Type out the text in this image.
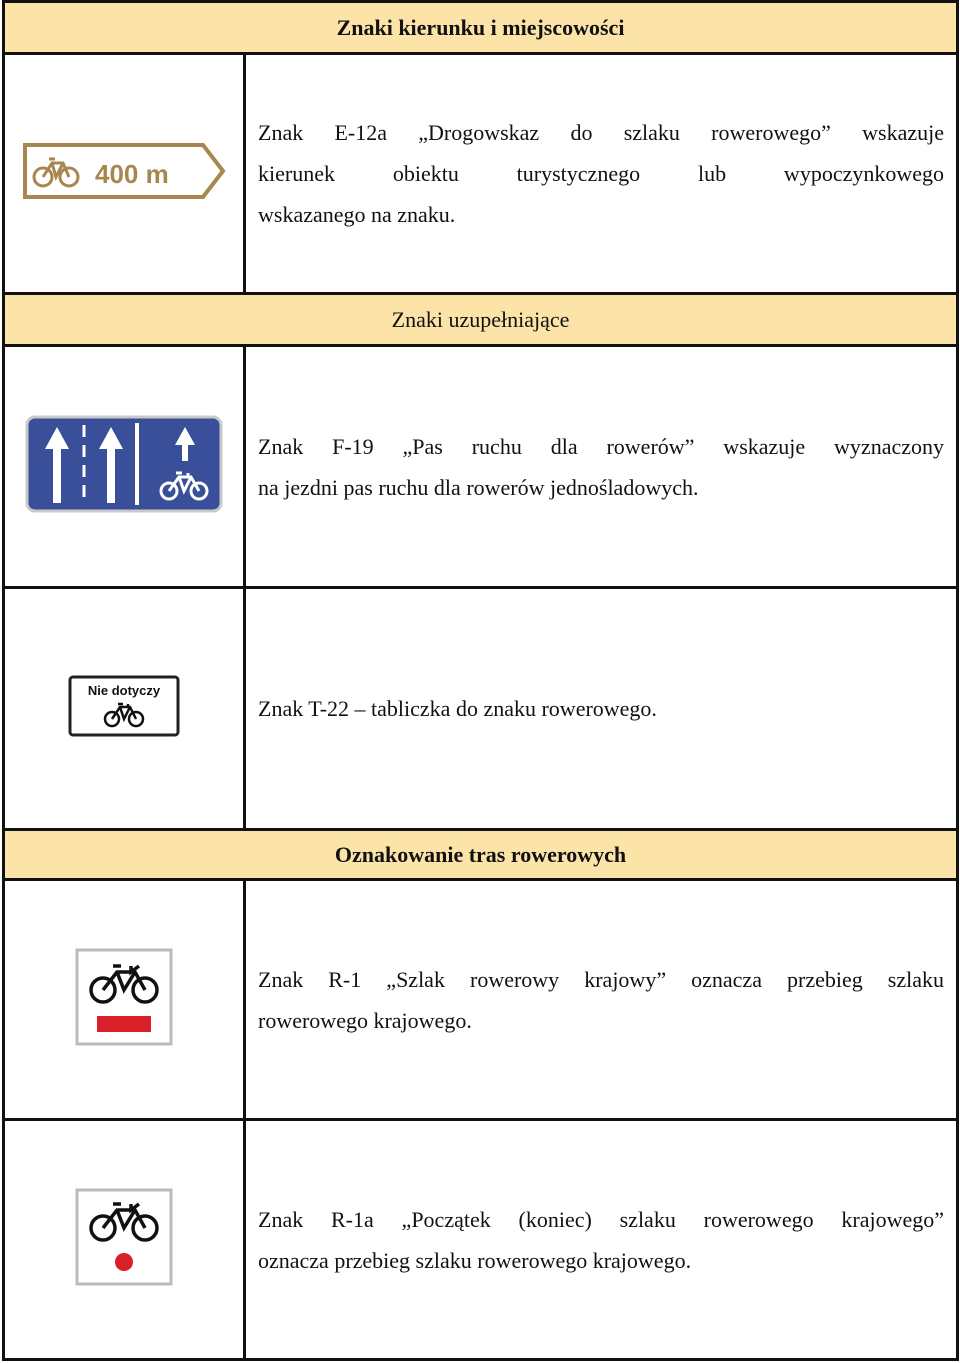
Znaki kierunku i miejscowości	

400 m	Znak E-12a „Drogowskaz do szlaku rowerowego” wskazuje
kierunek obiektu turystycznego lub wypoczynkowego
wskazanego na znaku.

Znaki uzupełniające	

Znak F-19 „Pas ruchu dla rowerów” wskazuje wyznaczony
na jezdni pas ruchu dla rowerów jednośladowych.

Nie dotyczy	Znak T-22 – tabliczka do znaku rowerowego.

Oznakowanie tras rowerowych	

Znak R-1 „Szlak rowerowy krajowy” oznacza przebieg szlaku
rowerowego krajowego.

Znak R-1a „Początek (koniec) szlaku rowerowego krajowego”
oznacza przebieg szlaku rowerowego krajowego.
